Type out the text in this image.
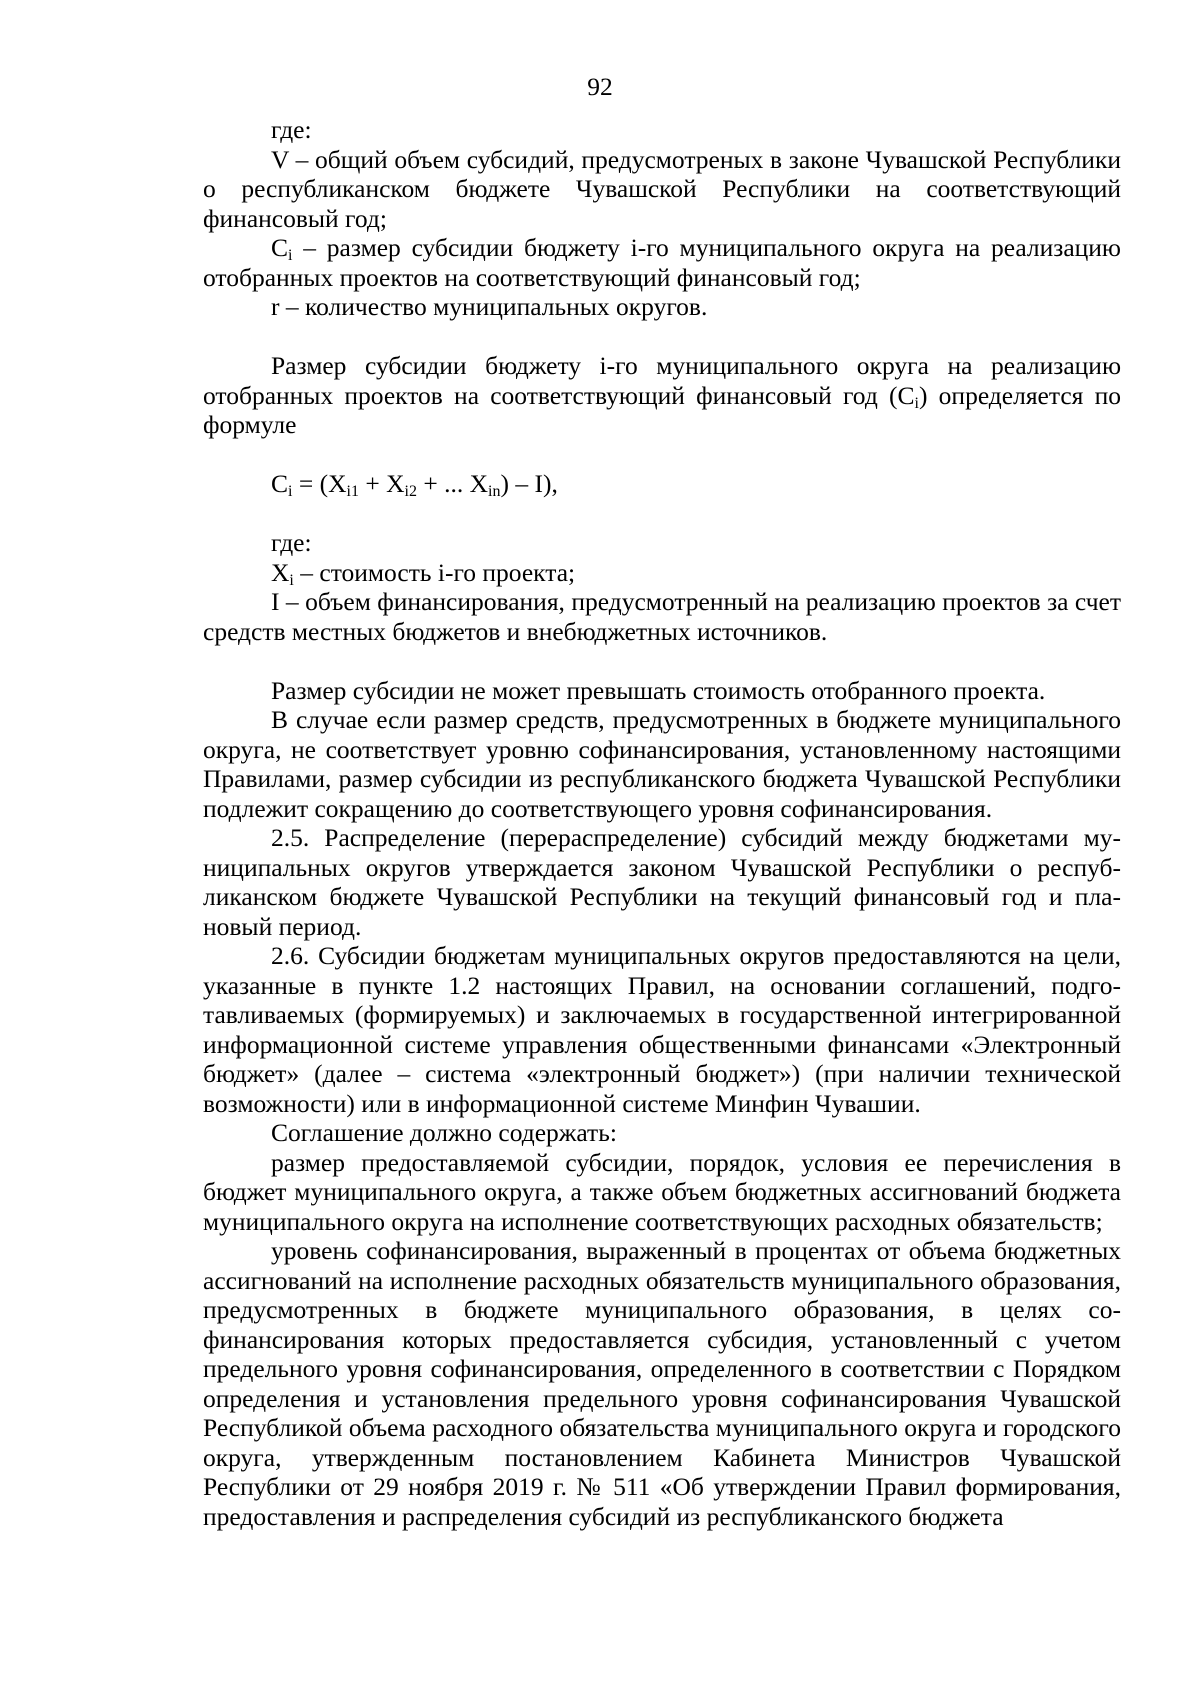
92

где:

V – общий объем субсидий, предусмотреных в законе Чувашской Республики о республиканском бюджете Чувашской Республики на соответствующий финансовый год;

$C_i$ – размер субсидии бюджету i-го муниципального округа на реализацию отобранных проектов на соответствующий финансовый год;

r – количество муниципальных округов.

Размер субсидии бюджету i-го муниципального округа на реализацию отобранных проектов на соответствующий финансовый год $(C_i)$ определяется по формуле

$C_i = (X_{i1} + X_{i2}$ + ... $X_{in}) - I$),

где:

$X_i$ – стоимость i-го проекта;

I – объем финансирования, предусмотренный на реализацию проектов за счет средств местных бюджетов и внебюджетных источников.

Размер субсидии не может превышать стоимость отобранного проекта.

В случае если размер средств, предусмотренных в бюджете муниципального округа, не соответствует уровню софинансирования, установленному настоящими Правилами, размер субсидии из республиканского бюджета Чувашской Республики подлежит сокращению до соответствующего уровня софинансирования.

2.5. Распределение (перераспределение) субсидий между бюджетами муниципальных округов утверждается законом Чувашской Республики о республиканском бюджете Чувашской Республики на текущий финансовый год и плановый период.

2.6. Субсидии бюджетам муниципальных округов предоставляются на цели, указанные в пункте 1.2 настоящих Правил, на основании соглашений, подготавливаемых (формируемых) и заключаемых в государственной интегрированной информационной системе управления общественными финансами «Электронный бюджет» (далее – система «электронный бюджет») (при наличии технической возможности) или в информационной системе Минфин Чувашии.

Соглашение должно содержать:

размер предоставляемой субсидии, порядок, условия ее перечисления в бюджет муниципального округа, а также объем бюджетных ассигнований бюджета муниципального округа на исполнение соответствующих расходных обязательств;

уровень софинансирования, выраженный в процентах от объема бюджетных ассигнований на исполнение расходных обязательств муниципального образования, предусмотренных в бюджете муниципального образования, в целях софинансирования которых предоставляется субсидия, установленный с учетом предельного уровня софинансирования, определенного в соответствии с Порядком определения и установления предельного уровня софинансирования Чувашской Республикой объема расходного обязательства муниципального округа и городского округа, утвержденным постановлением Кабинета Министров Чувашской Республики от 29 ноября 2019 г. № 511 «Об утверждении Правил формирования, предоставления и распределения субсидий из республиканского бюджета
